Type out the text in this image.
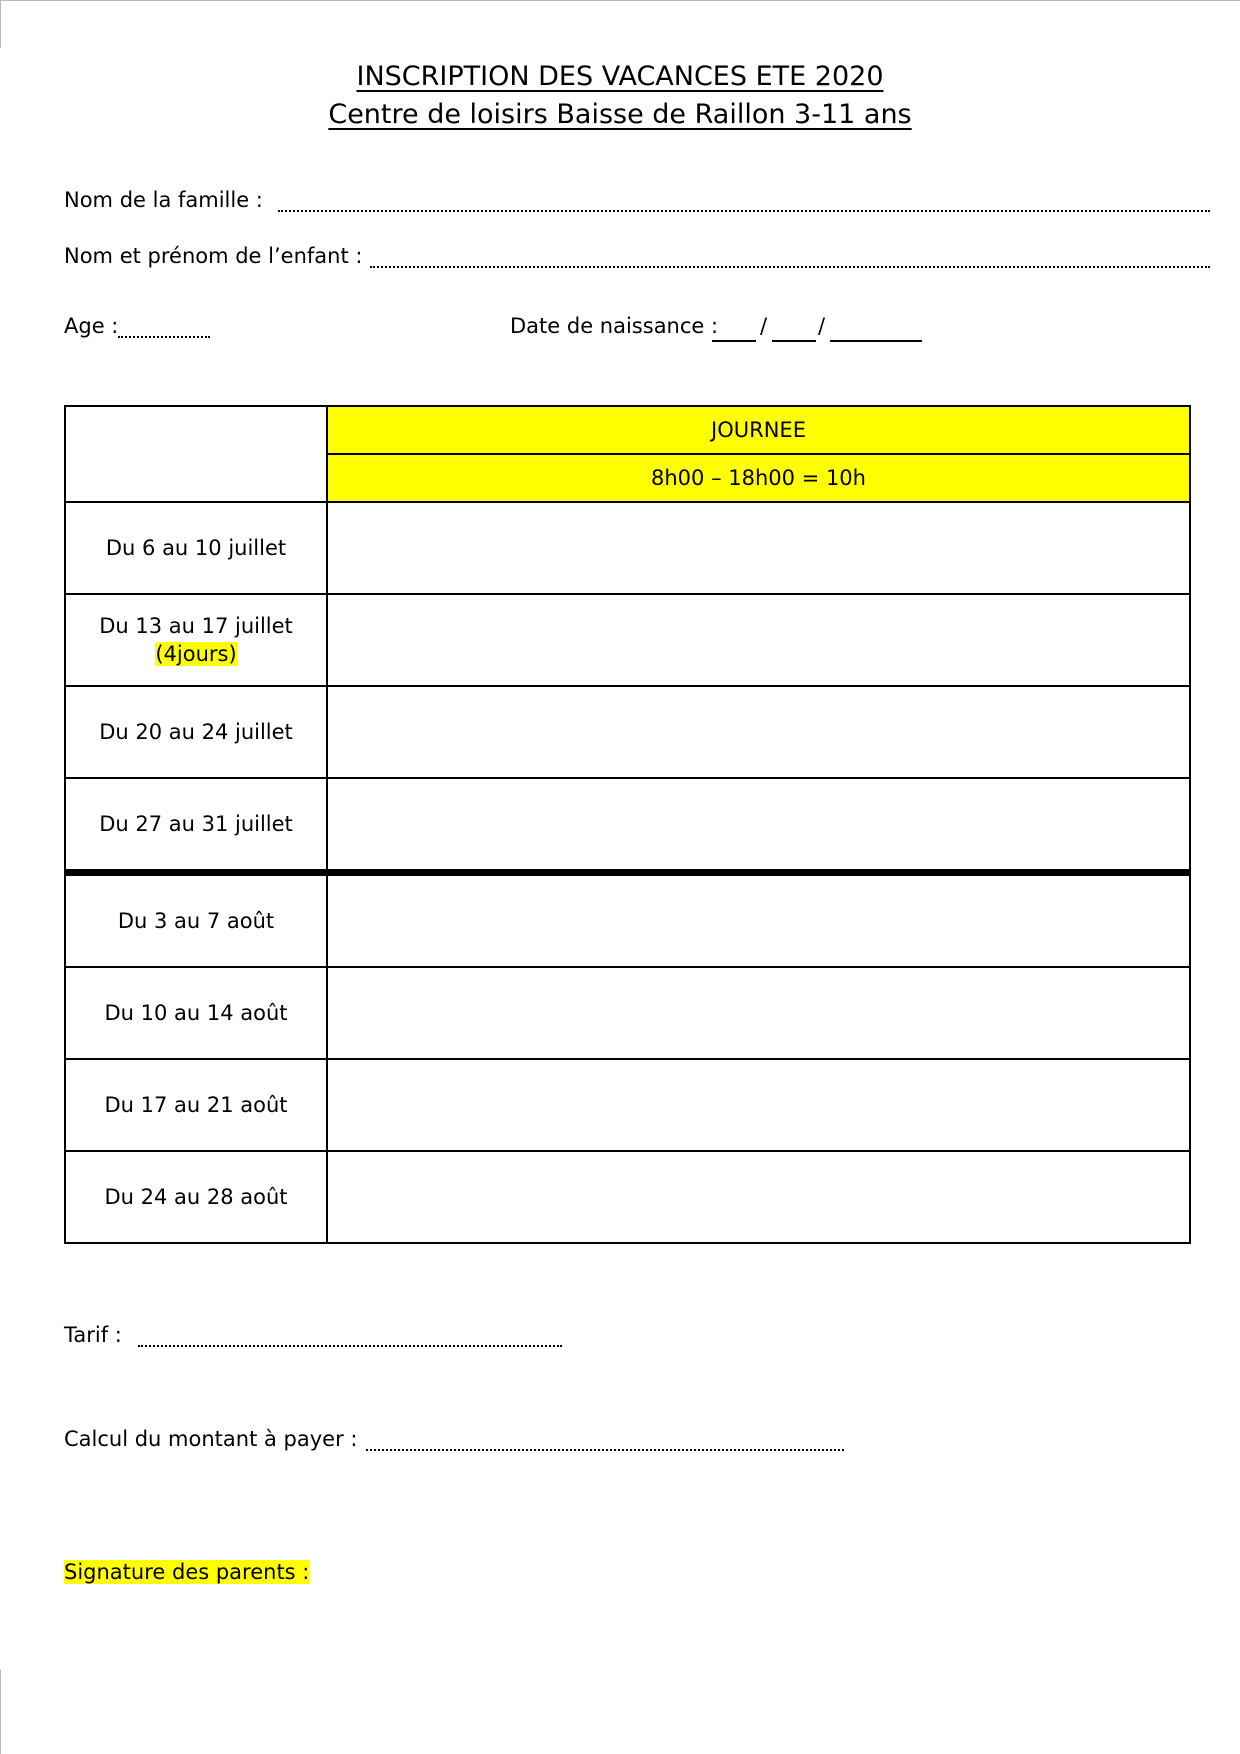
INSCRIPTION DES VACANCES ETE 2020
Centre de loisirs Baisse de Raillon 3-11 ans
Nom de la famille :
Nom et prénom de l’enfant :
Age :	Date de naissance : / /
	JOURNEE
	8h00 – 18h00 = 10h
Du 6 au 10 juillet	

Du 13 au 17 juillet
(4jours)	

Du 20 au 24 juillet	
Du 27 au 31 juillet	
Du 3 au 7 août	
Du 10 au 14 août	
Du 17 au 21 août	
Du 24 au 28 août	
Tarif :
Calcul du montant à payer :
Signature des parents :
